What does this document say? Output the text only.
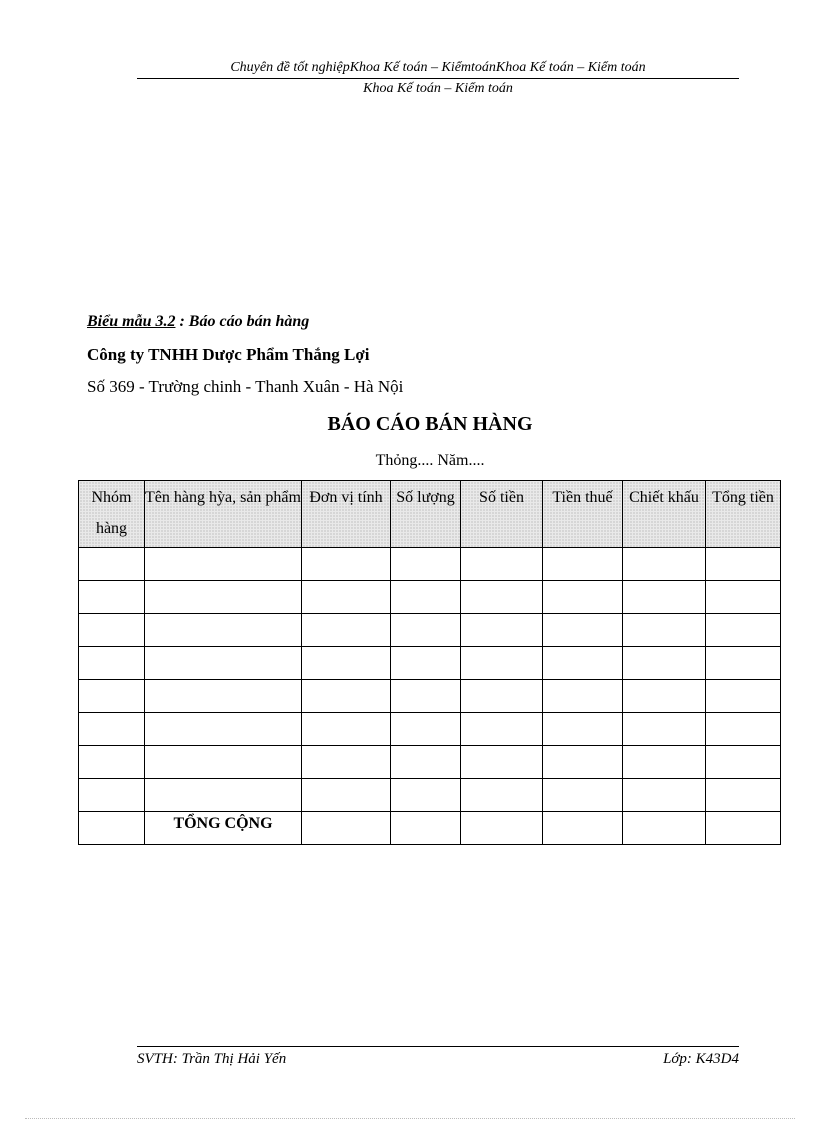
Chuyên đề tốt nghiệpKhoa Kế toán – KiểmtoánKhoa Kế toán – Kiểm toán
Khoa Kế toán – Kiểm toán
Biểu mẫu 3.2 : Báo cáo bán hàng
Công ty TNHH Dược Phẩm Thắng Lợi
Số 369 - Trường chinh - Thanh Xuân - Hà Nội
BÁO CÁO BÁN HÀNG
Thỏng.... Năm....
Nhóm hàng	Tên hàng hỳa, sản phẩm	Đơn vị tính	Số lượng	Số tiền	Tiền thuế	Chiết khấu	Tổng tiền

	TỔNG CỘNG						
SVTH: Trần Thị Hải Yến	Lớp: K43D4
